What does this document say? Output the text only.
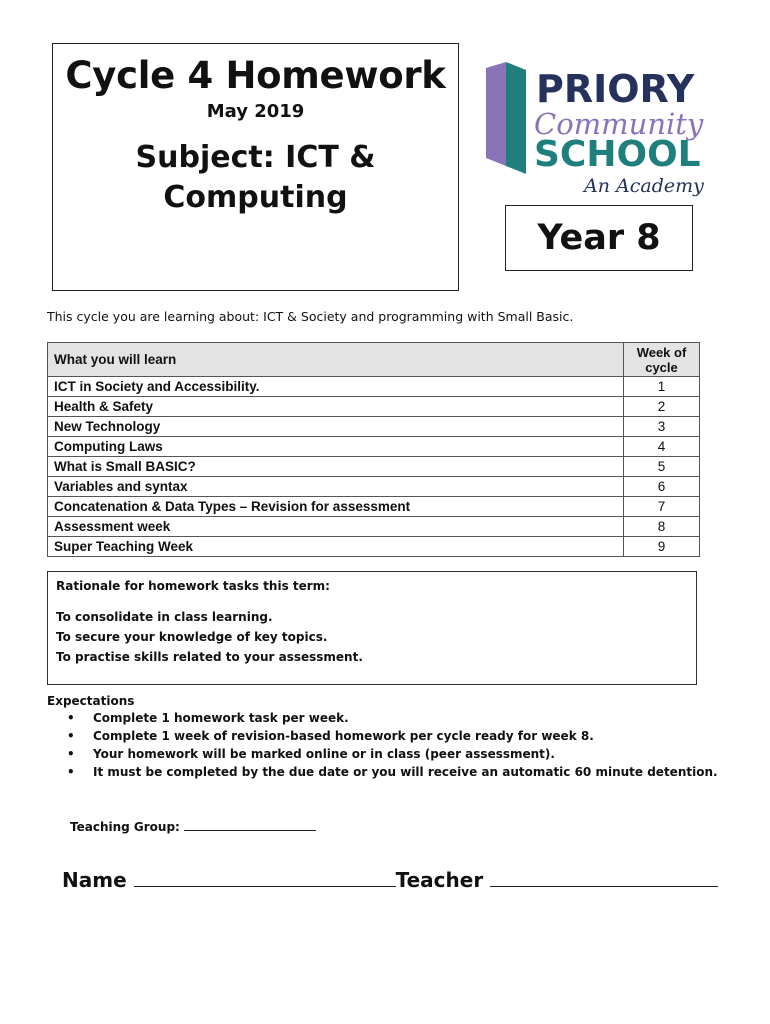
Cycle 4 Homework
May 2019
Subject: ICT & Computing
PRIORY
Community
SCHOOL
An Academy
Year 8
This cycle you are learning about: ICT & Society and programming with Small Basic.
What you will learn	Week of cycle
ICT in Society and Accessibility.	1
Health & Safety	2
New Technology	3
Computing Laws	4
What is Small BASIC?	5
Variables and syntax	6
Concatenation & Data Types – Revision for assessment	7
Assessment week	8
Super Teaching Week	9
Rationale for homework tasks this term:
To consolidate in class learning.
To secure your knowledge of key topics.
To practise skills related to your assessment.
Expectations
• Complete 1 homework task per week.
• Complete 1 week of revision-based homework per cycle ready for week 8.
• Your homework will be marked online or in class (peer assessment).
• It must be completed by the due date or you will receive an automatic 60 minute detention.
Teaching Group:
Name	Teacher
